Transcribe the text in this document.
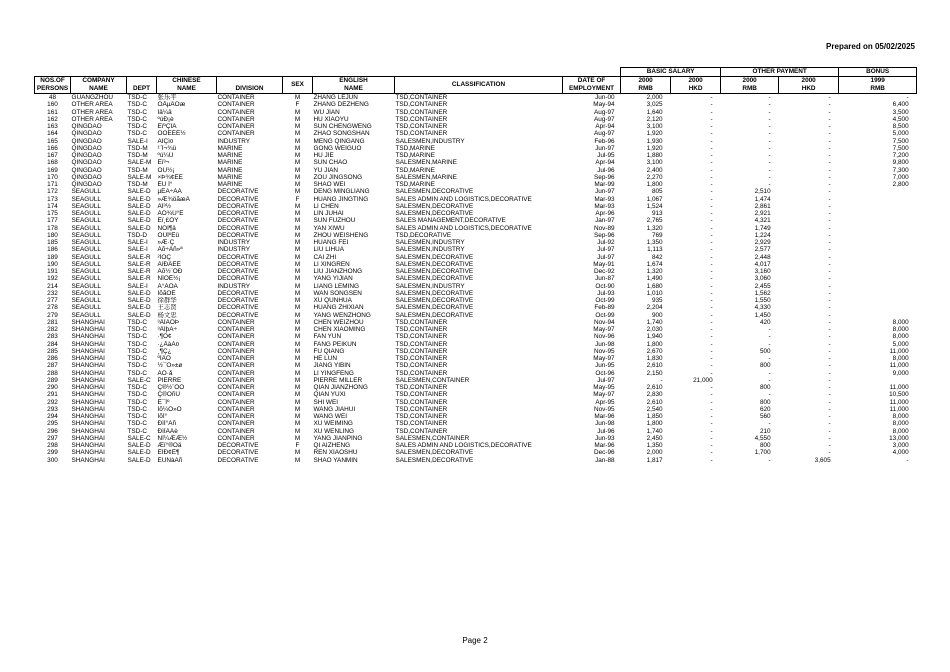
Prepared on 05/02/2025
									BASIC SALARY		OTHER PAYMENT		BONUS
NOS.OF	COMPANY		CHINESE		SEX	ENGLISH	CLASSIFICATION	DATE OF	2000	2000	2000	2000	1999
PERSONS	NAME	DEPT	NAME	DIVISION		NAME		EMPLOYMENT	RMB	HKD	RMB	HKD	RMB
48	GUANGZHOU	TSD-C	张乐平	CONTAINER	M	ZHANG LEJUN	TSD,CONTAINER	Jun-00	2,000	-	-	-	-
160	OTHER AREA	TSD-C	ÕÅµÂÕæ	CONTAINER	F	ZHANG DEZHENG	TSD,CONTAINER	May-94	3,025	-	-	-	6,400
161	OTHER AREA	TSD-C	Îâ¼â	CONTAINER	M	WU JIAN	TSD,CONTAINER	Aug-97	1,640	-	-	-	3,500
162	OTHER AREA	TSD-C	ºúÐ¡è	CONTAINER	M	HU XIAOYU	TSD,CONTAINER	Aug-97	2,120	-	-	-	4,500
163	QINGDAO	TSD-C	ËïºÇÎÄ	CONTAINER	M	SUN CHENGWENG	TSD,CONTAINER	Apr-94	3,100	-	-	-	8,500
164	QINGDAO	TSD-C	ÕÔËÉÉ½	CONTAINER	M	ZHAO SONGSHAN	TSD,CONTAINER	Aug-97	1,920	-	-	-	5,000
165	QINGDAO	SALE-I	ÃÏÇì¤	INDUSTRY	M	MENG QINGANG	SALESMEN,INDUSTRY	Feb-96	1,930	-	-	-	7,500
166	QINGDAO	TSD-M	¹¨Î¬¾ü	MARINE	M	GONG WEIGUO	TSD,MARINE	Jun-97	1,920	-	-	-	7,500
167	QINGDAO	TSD-M	ºú¼Ü	MARINE	M	HU JIE	TSD,MARINE	Jul-95	1,880	-	-	-	7,200
168	QINGDAO	SALE-M	Ëï³¬	MARINE	M	SUN CHAO	SALESMEN,MARINE	Apr-94	3,100	-	-	-	9,800
169	QINGDAO	TSD-M	ÓÚ½¡	MARINE	M	YU JIAN	TSD,MARINE	Jul-96	2,400	-	-	-	7,300
170	QINGDAO	SALE-M	×Þ¾¢ËÉ	MARINE	M	ZOU JINGSONG	SALESMEN,MARINE	Sep-96	2,270	-	-	-	7,000
171	QINGDAO	TSD-M	ÉÛ Î°	MARINE	M	SHAO WEI	TSD,MARINE	Mar-99	1,800	-	-	-	2,800
172	SEAGULL	SALE-D	µËÃ÷ÁÁ	DECORATIVE	M	DENG MINGLIANG	SALESMEN,DECORATIVE	Jun-97	805	-	2,510	-	
173	SEAGULL	SALE-D	»Æ¾öãæÂ	DECORATIVE	F	HUANG JINGTING	SALES ADMIN AND LOGISTICS,DECORATIVE	Mar-93	1,067	-	1,474	-	
174	SEAGULL	SALE-D	ÀÎ³½	DECORATIVE	M	LI CHEN	SALESMEN,DECORATIVE	Mar-93	1,524	-	2,861	-	
175	SEAGULL	SALE-D	ÁÖ¾Ü°Ê	DECORATIVE	M	LIN JUHAI	SALESMEN,DECORATIVE	Apr-96	913	-	2,921	-	
177	SEAGULL	SALE-D	Ëï¸£ÖÝ	DECORATIVE	M	SUN FUZHOU	SALES MANAGEMENT,DECORATIVE	Jan-97	2,765	-	4,321	-	
178	SEAGULL	SALE-D	ÑÕÏ¶ä	DECORATIVE	M	YAN XIWU	SALES ADMIN AND LOGISTICS,DECORATIVE	Nov-89	1,320	-	1,749	-	
180	SEAGULL	TSD-D	ÖÜÎºÊû	DECORATIVE	M	ZHOU WEISHENG	TSD,DECORATIVE	Sep-96	769	-	1,224	-	
185	SEAGULL	SALE-I	»Æ·Ç	INDUSTRY	M	HUANG FEI	SALESMEN,INDUSTRY	Jul-92	1,350	-	2,929	-	
186	SEAGULL	SALE-I	Áõ÷Àñ»ª	INDUSTRY	M	LIU LIHUA	SALESMEN,INDUSTRY	Jul-97	1,113	-	2,577	-	
189	SEAGULL	SALE-R	²ÌÕÇ	DECORATIVE	M	CAI ZHI	SALESMEN,DECORATIVE	Jul-97	842	-	2,448	-	
190	SEAGULL	SALE-R	ÀîÐÂËÉ	DECORATIVE	M	LI XINGREN	SALESMEN,DECORATIVE	May-91	1,674	-	4,017	-	
191	SEAGULL	SALE-R	Áõ½¨ÖÐ	DECORATIVE	M	LIU JIANZHONG	SALESMEN,DECORATIVE	Dec-92	1,320	-	3,160	-	
192	SEAGULL	SALE-R	ÑîÒÊ½¡	DECORATIVE	M	YANG YIJIAN	SALESMEN,DECORATIVE	Jun-87	1,490	-	3,060	-	
214	SEAGULL	SALE-I	Á°ÁÖÃ	INDUSTRY	M	LIANG LEMING	SALESMEN,INDUSTRY	Oct-90	1,680	-	2,455	-	
232	SEAGULL	SALE-D	ÍõãÕÉ	DECORATIVE	M	WAN SONGSEN	SALESMEN,DECORATIVE	Jul-93	1,010	-	1,562	-	
277	SEAGULL	SALE-D	徐群华	DECORATIVE	M	XU QUNHUA	SALESMEN,DECORATIVE	Oct-99	935	-	1,550	-	
278	SEAGULL	SALE-D	王志贤	DECORATIVE	M	HUANG ZHIXIAN	SALESMEN,DECORATIVE	Feb-89	2,204	-	4,330	-	
279	SEAGULL	SALE-D	杨文忠	DECORATIVE	M	YANG WENZHONG	SALESMEN,DECORATIVE	Oct-99	900	-	1,450	-	
281	SHANGHAI	TSD-C	³ÂÎÀÖÞ	CONTAINER	M	CHEN WEIZHOU	TSD,CONTAINER	Nov-94	1,740	-	420	-	8,000
282	SHANGHAI	TSD-C	³ÂÏþÃ÷	CONTAINER	M	CHEN XIAOMING	TSD,CONTAINER	May-97	2,030	-	-	-	8,000
283	SHANGHAI	TSD-C	·¶Ó¢	CONTAINER	M	FAN YUN	TSD,CONTAINER	Nov-96	1,940	-	-	-	8,000
284	SHANGHAI	TSD-C	·¿ÅàÀ¤	CONTAINER	M	FANG PEIKUN	TSD,CONTAINER	Jun-98	1,800	-	-	-	5,000
285	SHANGHAI	TSD-C	¸¶Ç¿	CONTAINER	M	FU QIANG	TSD,CONTAINER	Nov-95	2,670	-	500	-	11,000
286	SHANGHAI	TSD-C	ºÎÂÖ	CONTAINER	M	HE LUN	TSD,CONTAINER	May-97	1,830	-	-	-	8,000
287	SHANGHAI	TSD-C	½¯Ô»±ø	CONTAINER	M	JIANG YIBIN	TSD,CONTAINER	Jun-95	2,610	-	800	-	11,000
288	SHANGHAI	TSD-C	ÀÖ·å	CONTAINER	M	LI YINGFENG	TSD,CONTAINER	Oct-96	2,150	-	-	-	9,000
289	SHANGHAI	SALE-C	PIERRE	CONTAINER	M	PIERRE MILLER	SALESMEN,CONTAINER	Jul-97	-	21,000	-	-	
290	SHANGHAI	TSD-C	Ç®½¨ÖÒ	CONTAINER	M	QIAN JIANZHONG	TSD,CONTAINER	May-95	2,610	-	800	-	11,000
291	SHANGHAI	TSD-C	Ç®ÓñÜ	CONTAINER	M	QIAN YUXI	TSD,CONTAINER	May-97	2,830	-	-	-	10,500
292	SHANGHAI	TSD-C	Ê¯Îº	CONTAINER	M	SHI WEI	TSD,CONTAINER	Apr-95	2,610	-	800	-	11,000
293	SHANGHAI	TSD-C	Íõ¼Ò»Ô	CONTAINER	M	WANG JIAHUI	TSD,CONTAINER	Nov-95	2,540	-	620	-	11,000
294	SHANGHAI	TSD-C	ÍõÎ°	CONTAINER	M	WANG WEI	TSD,CONTAINER	Mar-96	1,850	-	560	-	8,000
295	SHANGHAI	TSD-C	ÐìÎ°Ãñ	CONTAINER	M	XU WEIMING	TSD,CONTAINER	Jun-98	1,800	-	-	-	8,000
296	SHANGHAI	TSD-C	ÐìÎÄÁè	CONTAINER	M	XU WENLING	TSD,CONTAINER	Jul-96	1,740	-	210	-	8,000
297	SHANGHAI	SALE-C	Ñî¼ÆÆ½	CONTAINER	M	YANG JIANPING	SALESMEN,CONTAINER	Jun-93	2,450	-	4,550	-	13,000
298	SHANGHAI	SALE-D	Æï°®Õä	DECORATIVE	F	QI AIZHENG	SALES ADMIN AND LOGISTICS,DECORATIVE	Mar-96	1,350	-	800	-	3,000
299	SHANGHAI	SALE-D	ÈÎÐ¢Ë¶	DECORATIVE	M	REN XIAOSHU	SALESMEN,DECORATIVE	Dec-96	2,000	-	1,700	-	4,000
300	SHANGHAI	SALE-D	ÉÛÑàÃñ	DECORATIVE	M	SHAO YANMIN	SALESMEN,DECORATIVE	Jan-88	1,817	-	-	3,605	-
Page 2
